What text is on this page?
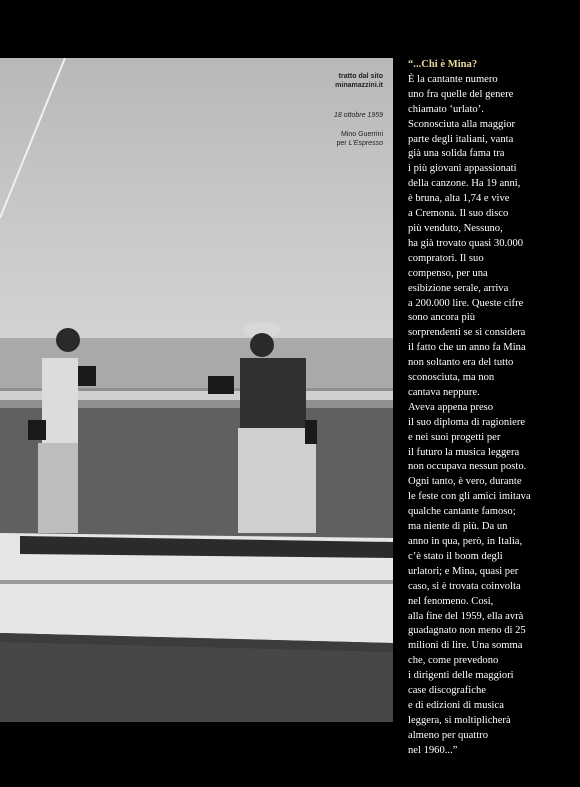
tratto dal sito
minamazzini.it
18 ottobre 1959
Mino Guerrini
per L'Espresso
“...Chi è Mina?

È la cantante numero
uno fra quelle del genere
chiamato ‘urlato’.
Sconosciuta alla maggior
parte degli italiani, vanta
già una solida fama tra
i più giovani appassionati
della canzone. Ha 19 anni,
è bruna, alta 1,74 e vive
a Cremona. Il suo disco
più venduto, Nessuno,
ha già trovato quasi 30.000
compratori. Il suo
compenso, per una
esibizione serale, arriva
a 200.000 lire. Queste cifre
sono ancora più
sorprendenti se si considera
il fatto che un anno fa Mina
non soltanto era del tutto
sconosciuta, ma non
cantava neppure.
Aveva appena preso
il suo diploma di ragioniere
e nei suoi progetti per
il futuro la musica leggera
non occupava nessun posto.
Ogni tanto, è vero, durante
le feste con gli amici imitava
qualche cantante famoso;
ma niente di più. Da un
anno in qua, però, in Italia,
c’è stato il boom degli
urlatori; e Mina, quasi per
caso, si è trovata coinvolta
nel fenomeno. Così,
alla fine del 1959, ella avrà
guadagnato non meno di 25
milioni di lire. Una somma
che, come prevedono
i dirigenti delle maggiori
case discografiche
e di edizioni di musica
leggera, si moltiplicherà
almeno per quattro
nel 1960...”
